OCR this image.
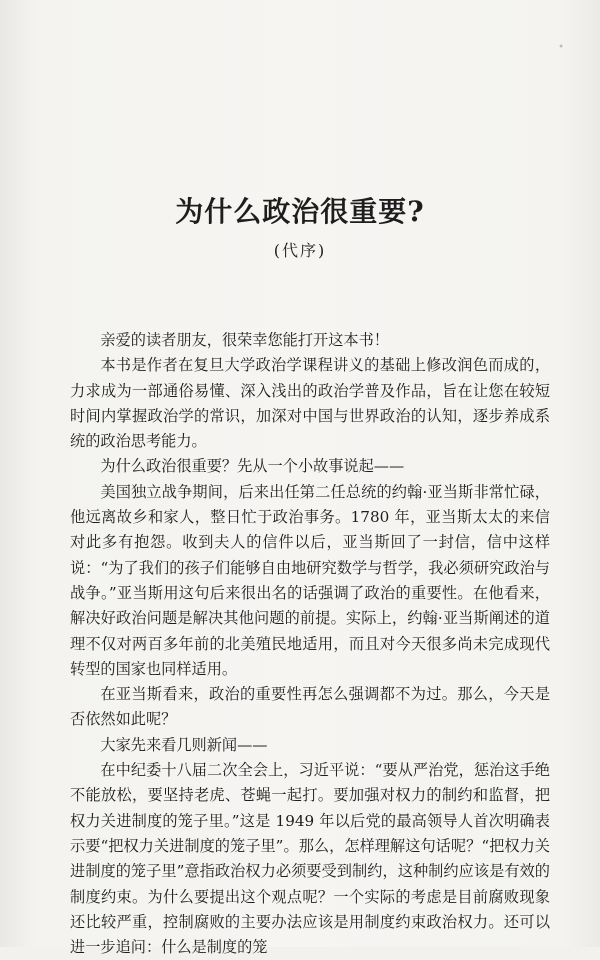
•
为什么政治很重要?
(代序)

亲爱的读者朋友，很荣幸您能打开这本书！

本书是作者在复旦大学政治学课程讲义的基础上修改润色而成的，力求成为一部通俗易懂、深入浅出的政治学普及作品，旨在让您在较短时间内掌握政治学的常识，加深对中国与世界政治的认知，逐步养成系统的政治思考能力。

为什么政治很重要？先从一个小故事说起——

美国独立战争期间，后来出任第二任总统的约翰·亚当斯非常忙碌，他远离故乡和家人，整日忙于政治事务。1780 年，亚当斯太太的来信对此多有抱怨。收到夫人的信件以后，亚当斯回了一封信，信中这样说：“为了我们的孩子们能够自由地研究数学与哲学，我必须研究政治与战争。”亚当斯用这句后来很出名的话强调了政治的重要性。在他看来，解决好政治问题是解决其他问题的前提。实际上，约翰·亚当斯阐述的道理不仅对两百多年前的北美殖民地适用，而且对今天很多尚未完成现代转型的国家也同样适用。

在亚当斯看来，政治的重要性再怎么强调都不为过。那么，今天是否依然如此呢？

大家先来看几则新闻——

在中纪委十八届二次全会上，习近平说：“要从严治党，惩治这手绝不能放松，要坚持老虎、苍蝇一起打。要加强对权力的制约和监督，把权力关进制度的笼子里。”这是 1949 年以后党的最高领导人首次明确表示要“把权力关进制度的笼子里”。那么，怎样理解这句话呢？“把权力关进制度的笼子里”意指政治权力必须要受到制约，这种制约应该是有效的制度约束。为什么要提出这个观点呢？一个实际的考虑是目前腐败现象还比较严重，控制腐败的主要办法应该是用制度约束政治权力。还可以进一步追问：什么是制度的笼
